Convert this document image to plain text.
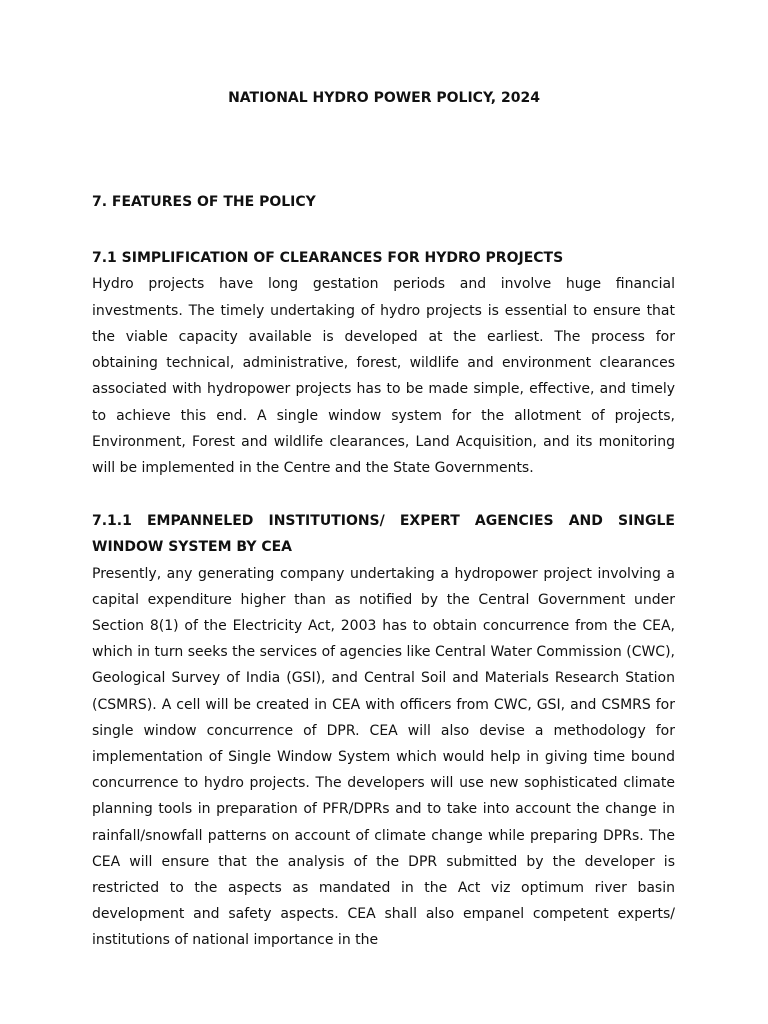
NATIONAL HYDRO POWER POLICY, 2024
7. FEATURES OF THE POLICY
7.1 SIMPLIFICATION OF CLEARANCES FOR HYDRO PROJECTS

Hydro projects have long gestation periods and involve huge financial investments. The timely undertaking of hydro projects is essential to ensure that the viable capacity available is developed at the earliest. The process for obtaining technical, administrative, forest, wildlife and environment clearances associated with hydropower projects has to be made simple, effective, and timely to achieve this end. A single window system for the allotment of projects, Environment, Forest and wildlife clearances, Land Acquisition, and its monitoring will be implemented in the Centre and the State Governments.

7.1.1 EMPANNELED INSTITUTIONS/ EXPERT AGENCIES AND SINGLE WINDOW SYSTEM BY CEA

Presently, any generating company undertaking a hydropower project involving a capital expenditure higher than as notified by the Central Government under Section 8(1) of the Electricity Act, 2003 has to obtain concurrence from the CEA, which in turn seeks the services of agencies like Central Water Commission (CWC), Geological Survey of India (GSI), and Central Soil and Materials Research Station (CSMRS). A cell will be created in CEA with officers from CWC, GSI, and CSMRS for single window concurrence of DPR. CEA will also devise a methodology for implementation of Single Window System which would help in giving time bound concurrence to hydro projects. The developers will use new sophisticated climate planning tools in preparation of PFR/DPRs and to take into account the change in rainfall/snowfall patterns on account of climate change while preparing DPRs. The CEA will ensure that the analysis of the DPR submitted by the developer is restricted to the aspects as mandated in the Act viz optimum river basin development and safety aspects. CEA shall also empanel competent experts/ institutions of national importance in the
